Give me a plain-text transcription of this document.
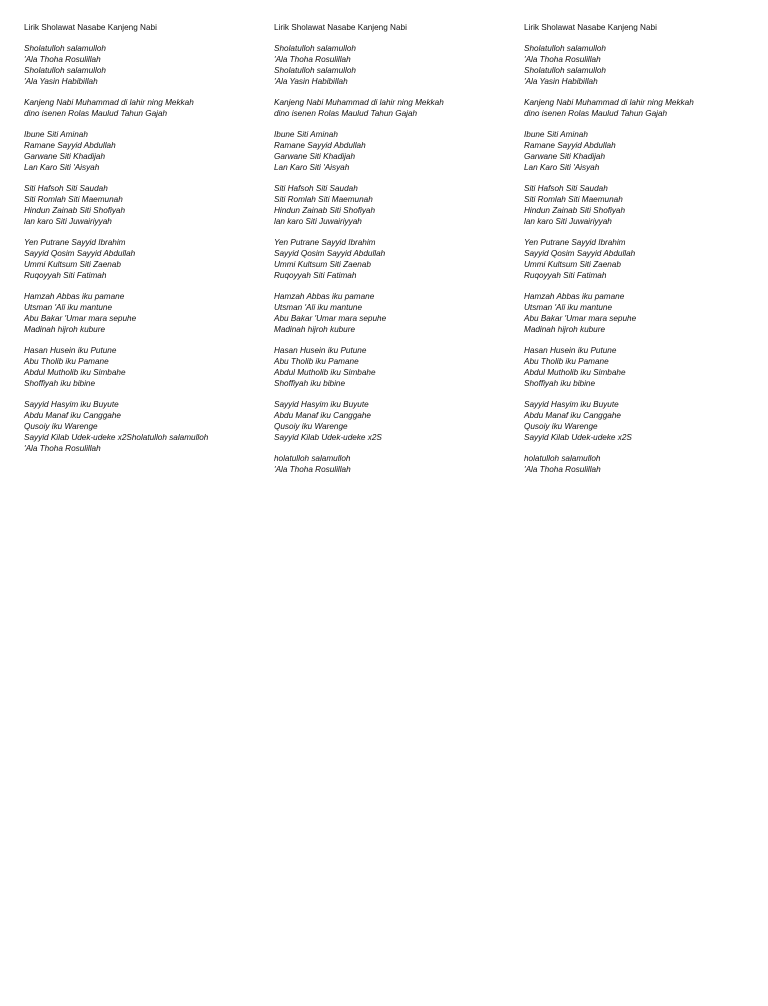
Lirik Sholawat Nasabe Kanjeng Nabi
Sholatulloh salamulloh
'Ala Thoha Rosulillah
Sholatulloh salamulloh
'Ala Yasin Habibillah
Kanjeng Nabi Muhammad di lahir ning Mekkah
dino isenen Rolas Maulud Tahun Gajah
Ibune Siti Aminah
Ramane Sayyid Abdullah
Garwane Siti Khadijah
Lan Karo Siti 'Aisyah
Siti Hafsoh Siti Saudah
Siti Romlah Siti Maemunah
Hindun Zainab Siti Shofiyah
lan karo Siti Juwairiyyah
Yen Putrane Sayyid Ibrahim
Sayyid Qosim Sayyid Abdullah
Ummi Kultsum Siti Zaenab
Ruqoyyah Siti Fatimah
Hamzah Abbas iku pamane
Utsman 'Ali iku mantune
Abu Bakar 'Umar mara sepuhe
Madinah hijroh kubure
Hasan Husein iku Putune
Abu Tholib iku Pamane
Abdul Mutholib iku Simbahe
Shoffiyah iku bibine
Sayyid Hasyim iku Buyute
Abdu Manaf iku Canggahe
Qusoiy iku Warenge
Sayyid Kilab Udek-udeke x2Sholatulloh salamulloh
'Ala Thoha Rosulillah
Lirik Sholawat Nasabe Kanjeng Nabi
Sholatulloh salamulloh
'Ala Thoha Rosulillah
Sholatulloh salamulloh
'Ala Yasin Habibillah
Kanjeng Nabi Muhammad di lahir ning Mekkah
dino isenen Rolas Maulud Tahun Gajah
Ibune Siti Aminah
Ramane Sayyid Abdullah
Garwane Siti Khadijah
Lan Karo Siti 'Aisyah
Siti Hafsoh Siti Saudah
Siti Romlah Siti Maemunah
Hindun Zainab Siti Shofiyah
lan karo Siti Juwairiyyah
Yen Putrane Sayyid Ibrahim
Sayyid Qosim Sayyid Abdullah
Ummi Kultsum Siti Zaenab
Ruqoyyah Siti Fatimah
Hamzah Abbas iku pamane
Utsman 'Ali iku mantune
Abu Bakar 'Umar mara sepuhe
Madinah hijroh kubure
Hasan Husein iku Putune
Abu Tholib iku Pamane
Abdul Mutholib iku Simbahe
Shoffiyah iku bibine
Sayyid Hasyim iku Buyute
Abdu Manaf iku Canggahe
Qusoiy iku Warenge
Sayyid Kilab Udek-udeke x2S
holatulloh salamulloh
'Ala Thoha Rosulillah
Lirik Sholawat Nasabe Kanjeng Nabi
Sholatulloh salamulloh
'Ala Thoha Rosulillah
Sholatulloh salamulloh
'Ala Yasin Habibillah
Kanjeng Nabi Muhammad di lahir ning Mekkah
dino isenen Rolas Maulud Tahun Gajah
Ibune Siti Aminah
Ramane Sayyid Abdullah
Garwane Siti Khadijah
Lan Karo Siti 'Aisyah
Siti Hafsoh Siti Saudah
Siti Romlah Siti Maemunah
Hindun Zainab Siti Shofiyah
lan karo Siti Juwairiyyah
Yen Putrane Sayyid Ibrahim
Sayyid Qosim Sayyid Abdullah
Ummi Kultsum Siti Zaenab
Ruqoyyah Siti Fatimah
Hamzah Abbas iku pamane
Utsman 'Ali iku mantune
Abu Bakar 'Umar mara sepuhe
Madinah hijroh kubure
Hasan Husein iku Putune
Abu Tholib iku Pamane
Abdul Mutholib iku Simbahe
Shoffiyah iku bibine
Sayyid Hasyim iku Buyute
Abdu Manaf iku Canggahe
Qusoiy iku Warenge
Sayyid Kilab Udek-udeke x2S
holatulloh salamulloh
'Ala Thoha Rosulillah
